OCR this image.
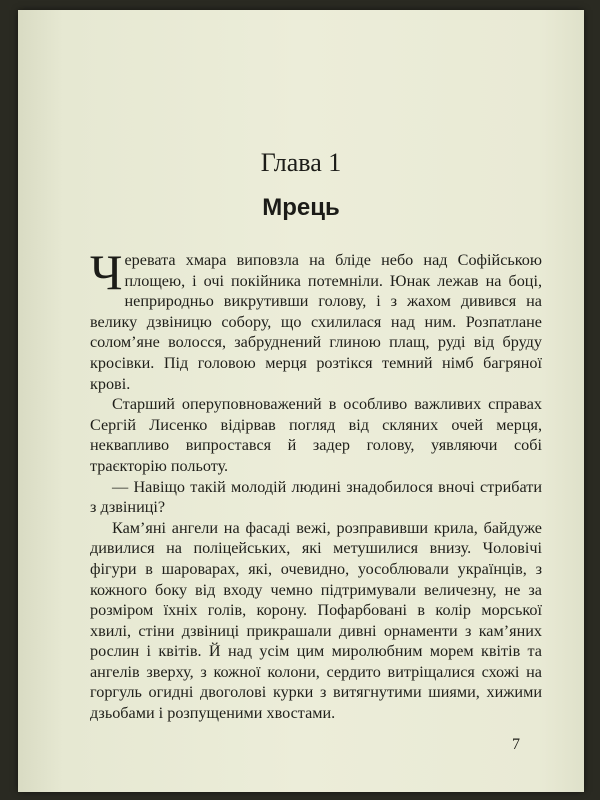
Глава 1
Мрець

Черевата хмара виповзла на бліде небо над Софійською площею, і очі покійника потемніли. Юнак лежав на боці, неприродньо викрутивши голову, і з жахом дивився на велику дзвіницю собору, що схилилася над ним. Розпатлане солом’яне волосся, забруднений глиною плащ, руді від бруду кросівки. Під головою мерця розтікся темний німб багряної крові.

Старший оперуповноважений в особливо важливих справах Сергій Лисенко відірвав погляд від скляних очей мерця, неквапливо випростався й задер голову, уявляючи собі траєкторію польоту.

— Навіщо такій молодій людині знадобилося вночі стрибати з дзвіниці?

Кам’яні ангели на фасаді вежі, розправивши крила, байдуже дивилися на поліцейських, які метушилися внизу. Чоловічі фігури в шароварах, які, очевидно, уособлювали українців, з кожного боку від входу чемно підтримували величезну, не за розміром їхніх голів, корону. Пофарбовані в колір морської хвилі, стіни дзвіниці прикрашали дивні орнаменти з кам’яних рослин і квітів. Й над усім цим миролюбним морем квітів та ангелів зверху, з кожної колони, сердито витріщалися схожі на горгуль огидні двоголові курки з витягнутими шиями, хижими дзьобами і розпущеними хвостами.

7
